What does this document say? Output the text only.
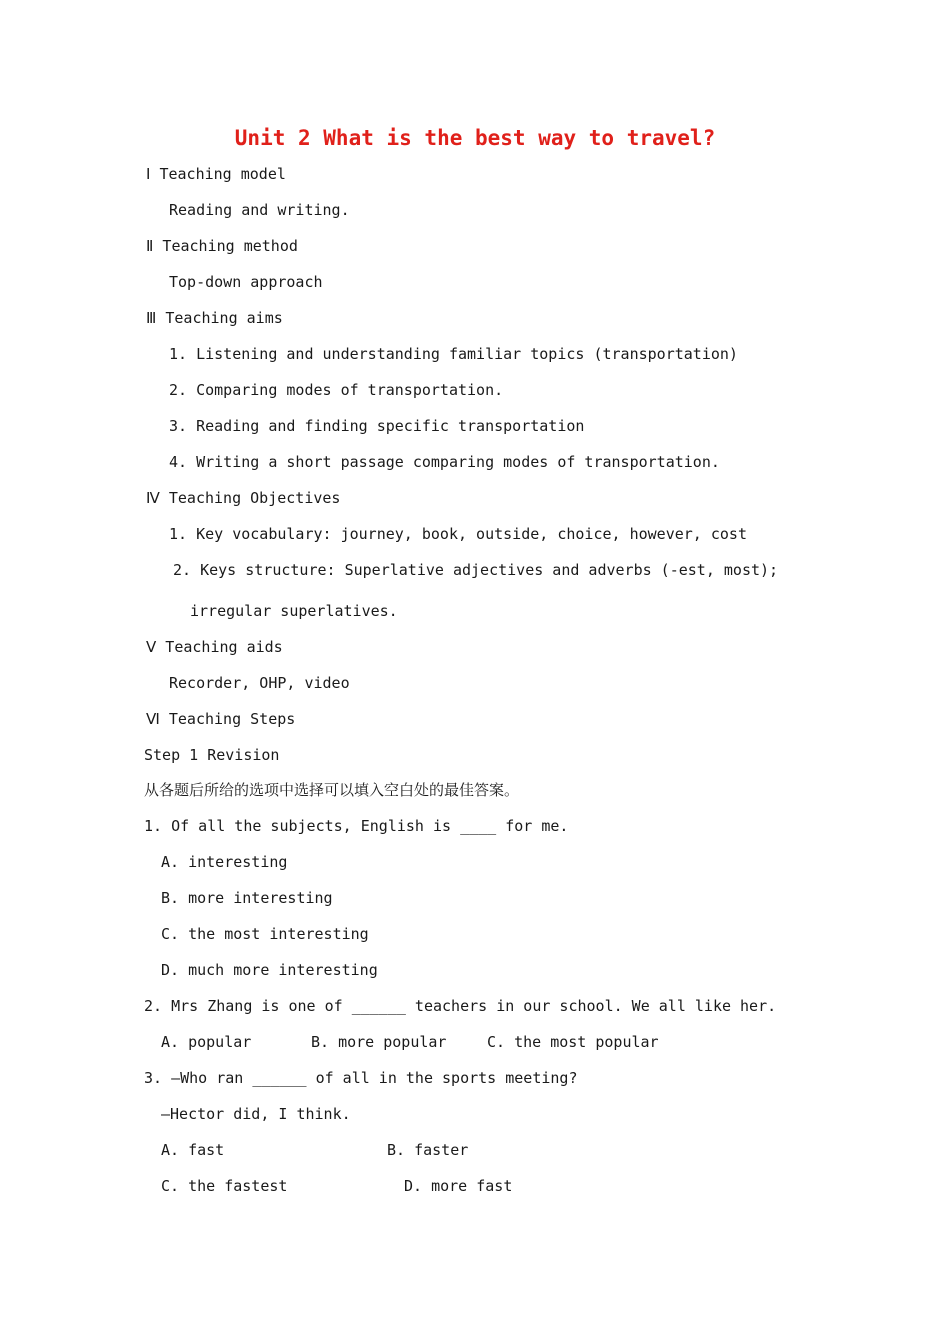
Unit 2 What is the best way to travel?

Ⅰ Teaching model

Reading and writing.

Ⅱ Teaching method

Top-down approach

Ⅲ Teaching aims

1. Listening and understanding familiar topics (transportation)

2. Comparing modes of transportation.

3. Reading and finding specific transportation

4. Writing a short passage comparing modes of transportation.

Ⅳ Teaching Objectives

1. Key vocabulary: journey, book, outside, choice, however, cost

2. Keys structure: Superlative adjectives and adverbs (-est, most);

irregular superlatives.

Ⅴ Teaching aids

Recorder, OHP, video

Ⅵ Teaching Steps

Step 1 Revision

从各题后所给的选项中选择可以填入空白处的最佳答案。

1. Of all the subjects, English is ____ for me.

A. interesting
B. more interesting
C. the most interesting
D. much more interesting

2. Mrs Zhang is one of ______ teachers in our school. We all like her.

A. popular	B. more popular	C. the most popular

3. —Who ran ______ of all in the sports meeting?

—Hector did, I think.

A. fast	B. faster
C. the fastest	D. more fast
